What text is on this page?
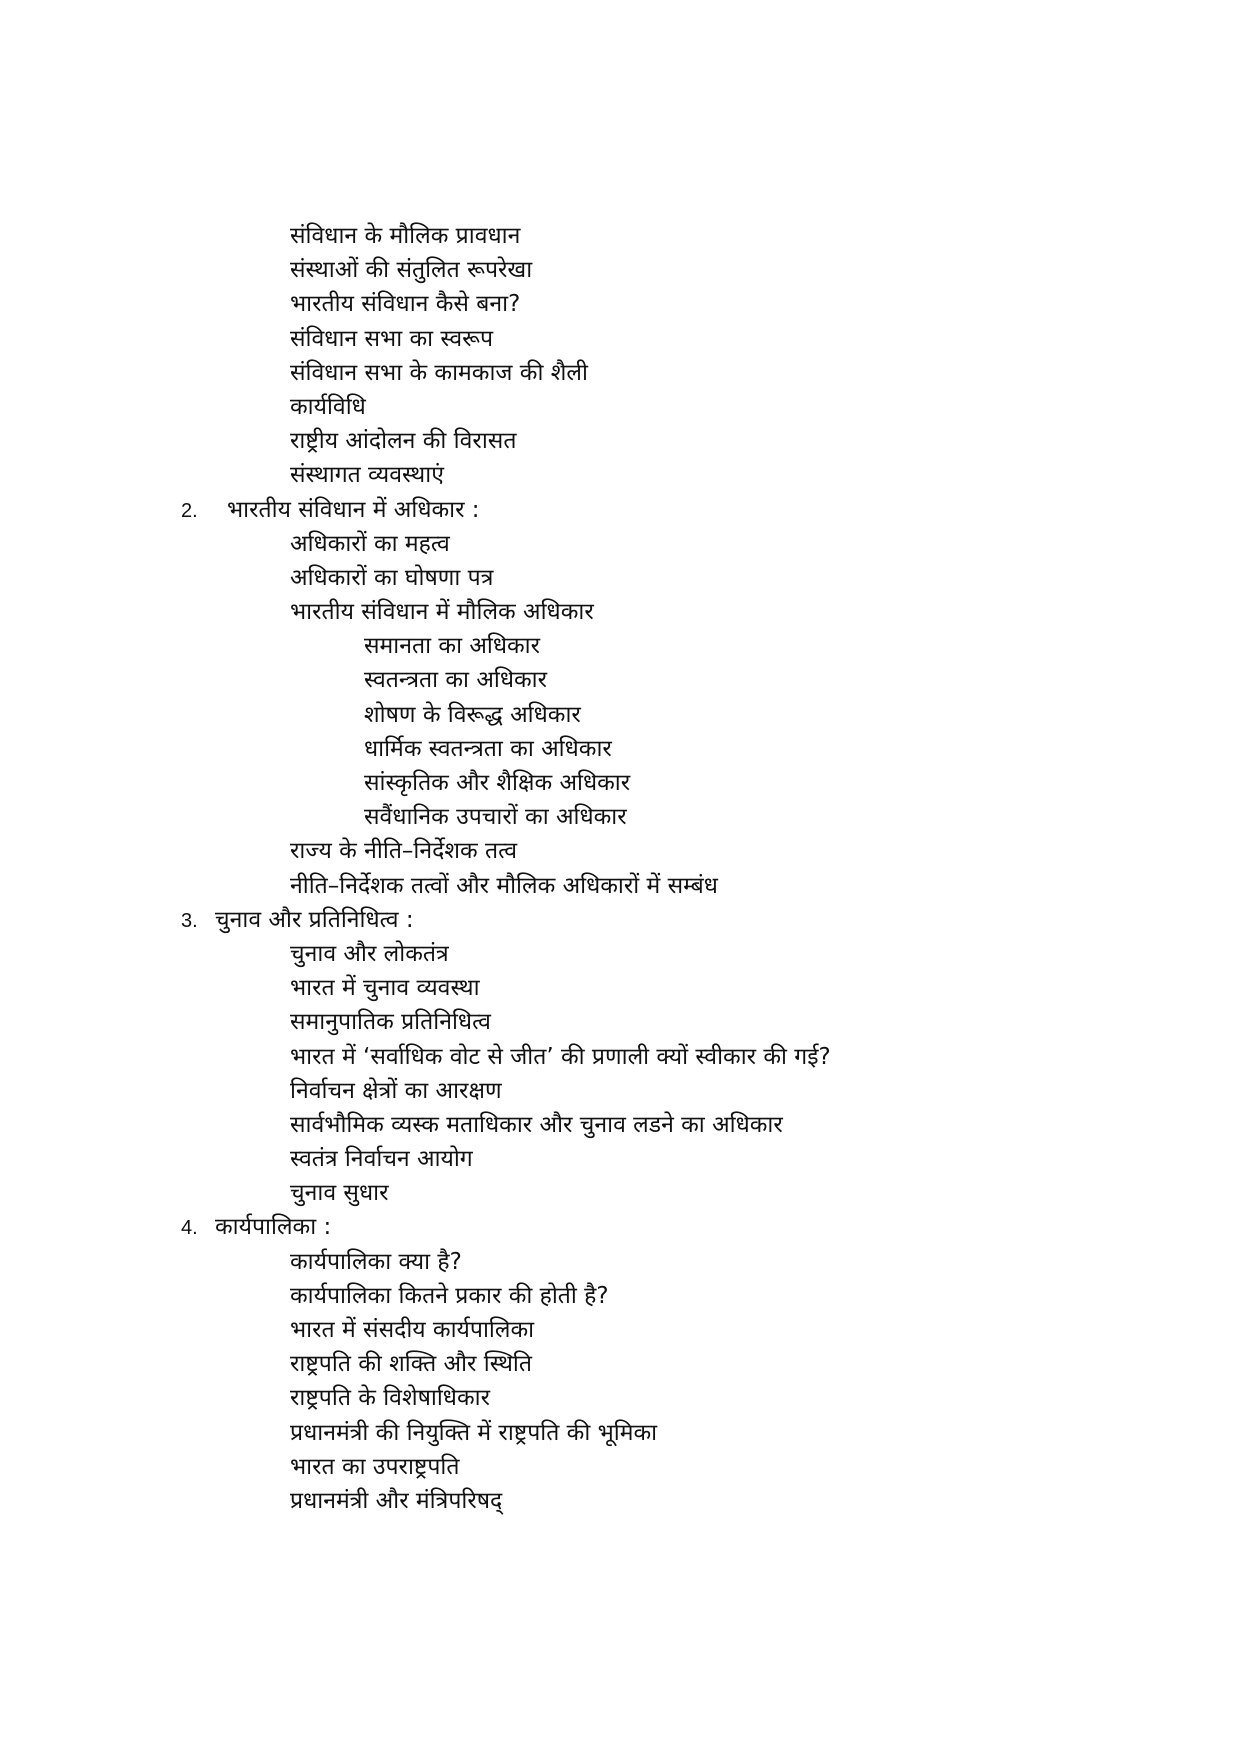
संविधान के मौलिक प्रावधान
संस्थाओं की संतुलित रूपरेखा
भारतीय संविधान कैसे बना?
संविधान सभा का स्वरूप
संविधान सभा के कामकाज की शैली
कार्यविधि
राष्ट्रीय आंदोलन की विरासत
संस्थागत व्यवस्थाएं
2. भारतीय संविधान में अधिकार :
अधिकारों का महत्व
अधिकारों का घोषणा पत्र
भारतीय संविधान में मौलिक अधिकार
समानता का अधिकार
स्वतन्त्रता का अधिकार
शोषण के विरूद्ध अधिकार
धार्मिक स्वतन्त्रता का अधिकार
सांस्कृतिक और शैक्षिक अधिकार
सवैंधानिक उपचारों का अधिकार
राज्य के नीति–निर्देशक तत्व
नीति–निर्देशक तत्वों और मौलिक अधिकारों में सम्बंध
3. चुनाव और प्रतिनिधित्व :
चुनाव और लोकतंत्र
भारत में चुनाव व्यवस्था
समानुपातिक प्रतिनिधित्व
भारत में ‘सर्वाधिक वोट से जीत’ की प्रणाली क्यों स्वीकार की गई?
निर्वाचन क्षेत्रों का आरक्षण
सार्वभौमिक व्यस्क मताधिकार और चुनाव लडने का अधिकार
स्वतंत्र निर्वाचन आयोग
चुनाव सुधार
4. कार्यपालिका :
कार्यपालिका क्या है?
कार्यपालिका कितने प्रकार की होती है?
भारत में संसदीय कार्यपालिका
राष्ट्रपति की शक्ति और स्थिति
राष्ट्रपति के विशेषाधिकार
प्रधानमंत्री की नियुक्ति में राष्ट्रपति की भूमिका
भारत का उपराष्ट्रपति
प्रधानमंत्री और मंत्रिपरिषद्
